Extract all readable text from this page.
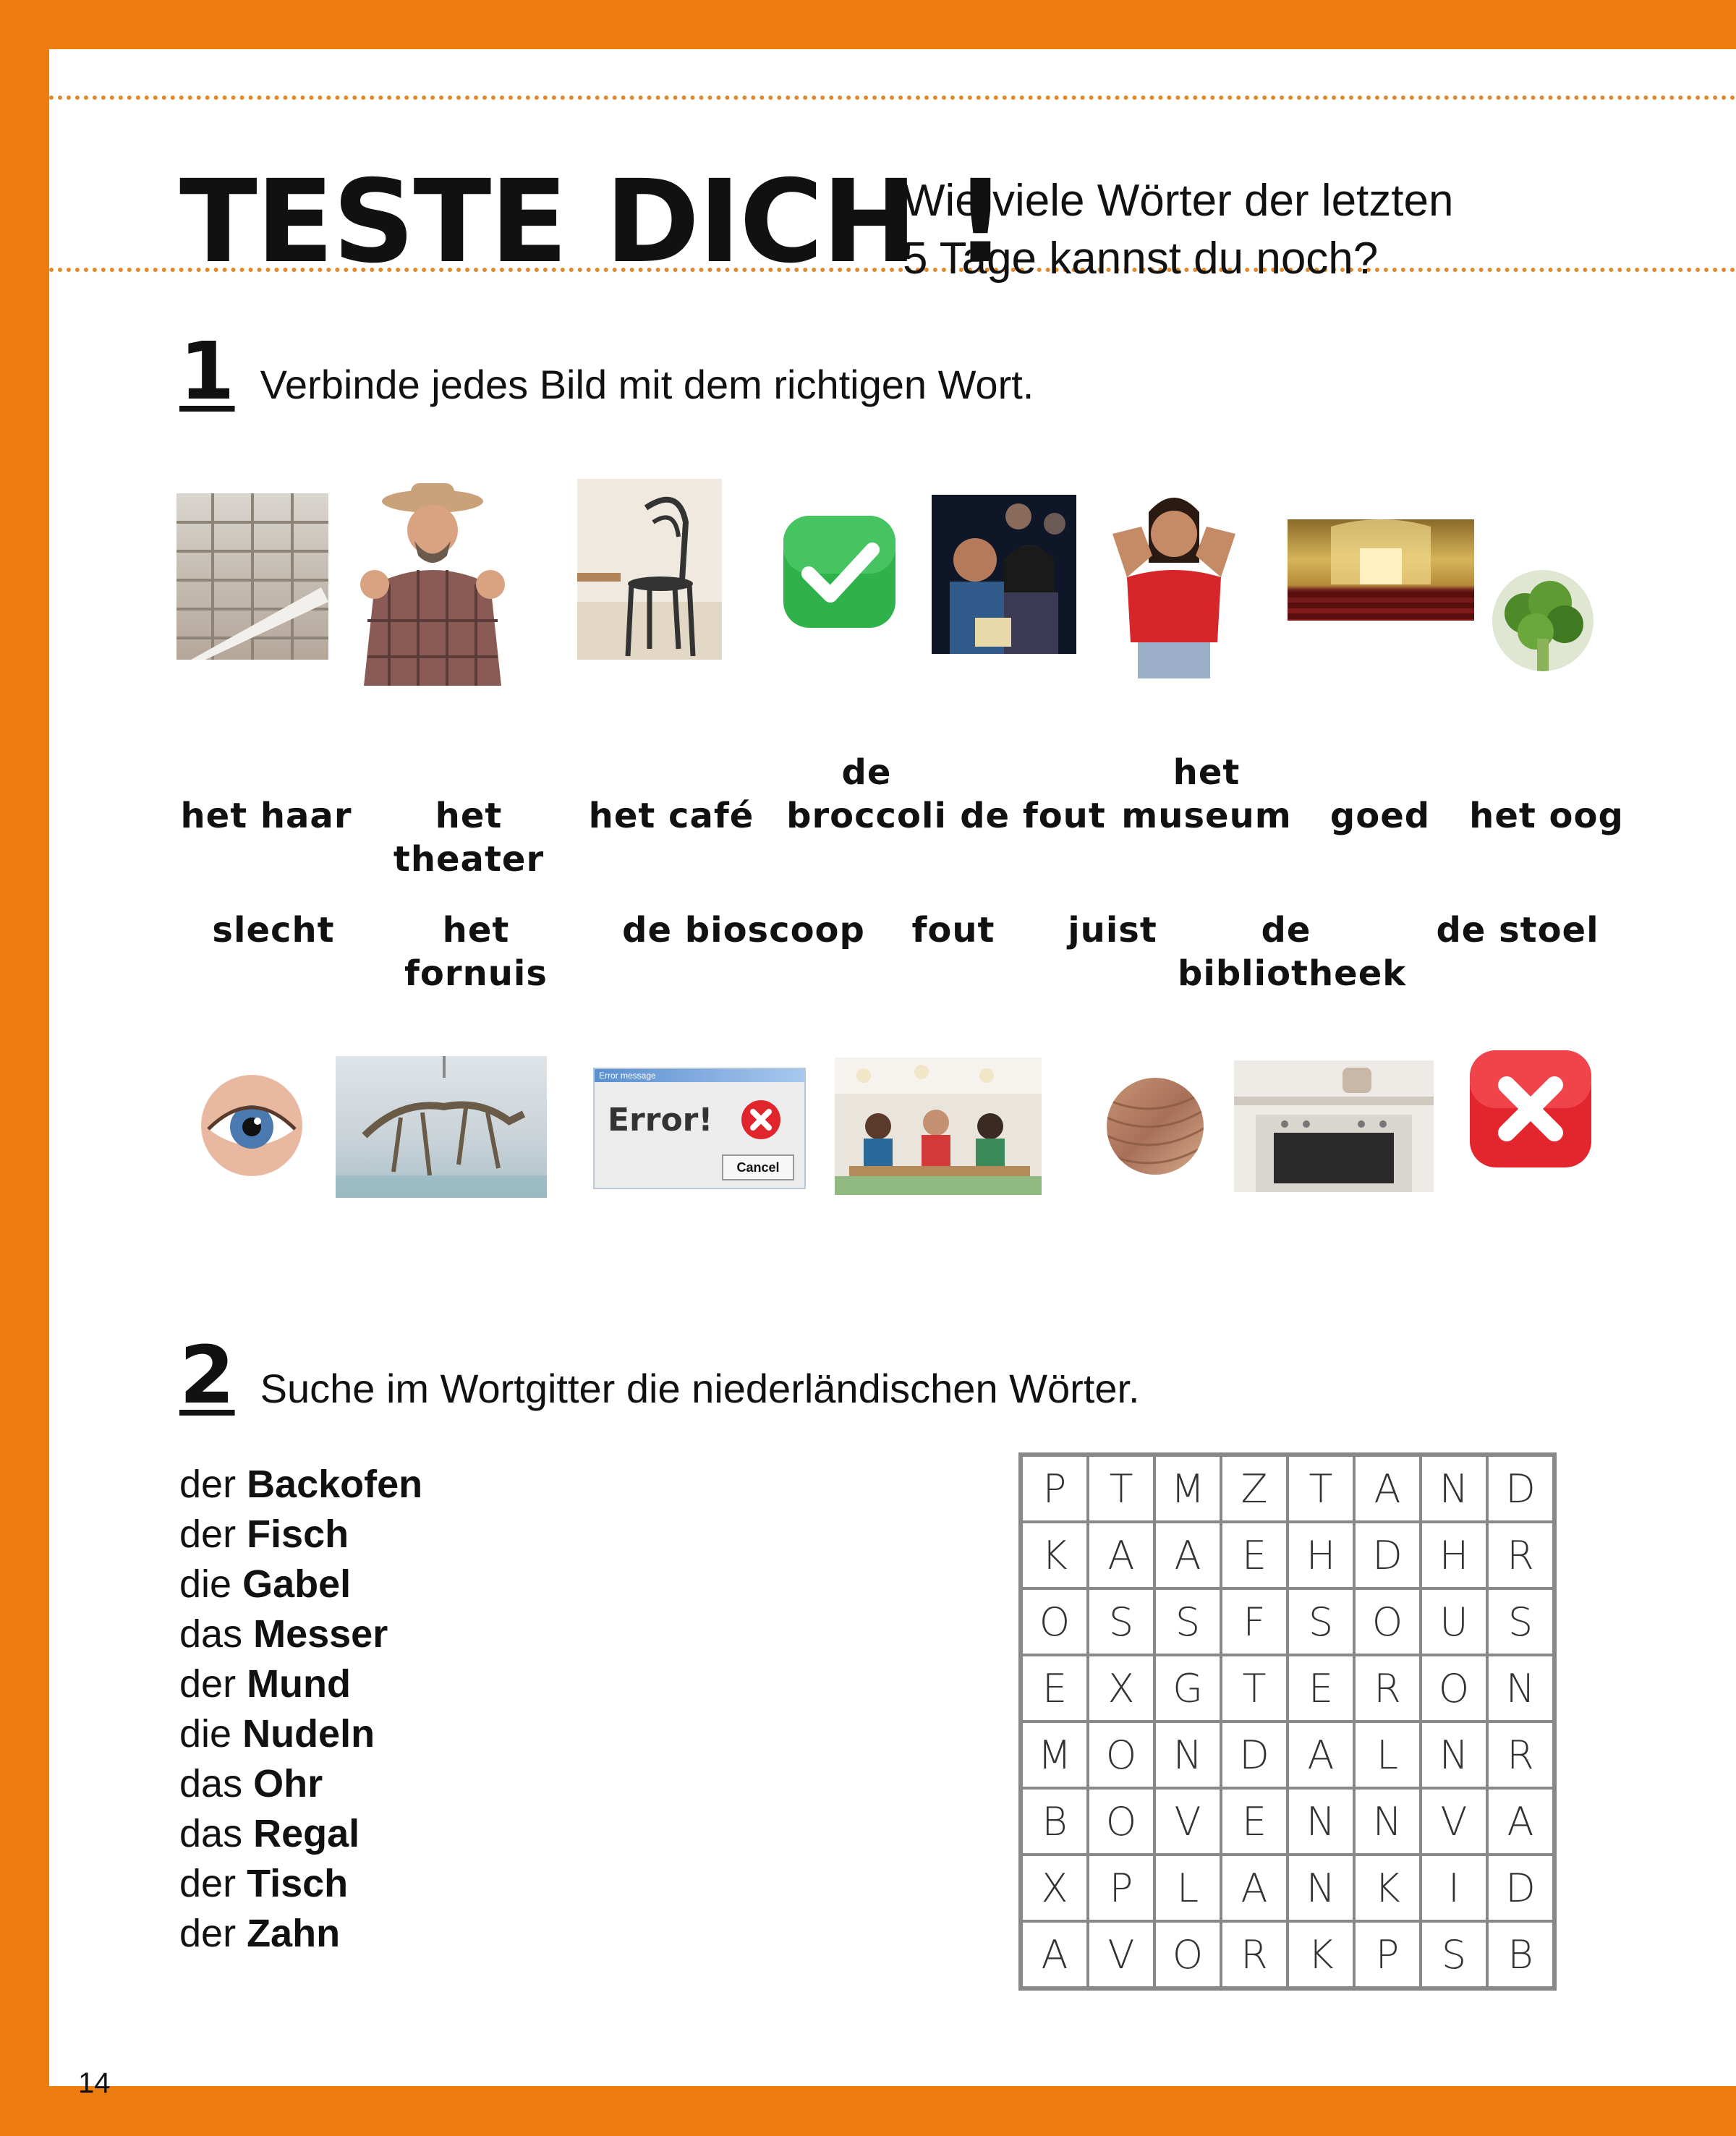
TESTE DICH !
Wie viele Wörter der letzten
5 Tage kannst du noch?
1 Verbinde jedes Bild mit dem richtigen Wort.
het haar	het theater
het café
de
broccoli de fout
het
museum	goed	het oog
slecht	het fornuis
de bioscoop	fout	juist	de
bibliotheek
de stoel
Error message
Error!
Cancel
2 Suche im Wortgitter die niederländischen Wörter.
der Backofen
der Fisch
die Gabel
das Messer
der Mund
die Nudeln
das Ohr
das Regal
der Tisch
der Zahn
P	T	M	Z	T	A	N	D
K	A	A	E	H	D	H	R
O	S	S	F	S	O	U	S
E	X	G	T	E	R	O	N
M	O	N	D	A	L	N	R
B	O	V	E	N	N	V	A
X	P	L	A	N	K	I	D
A	V	O	R	K	P	S	B
14
